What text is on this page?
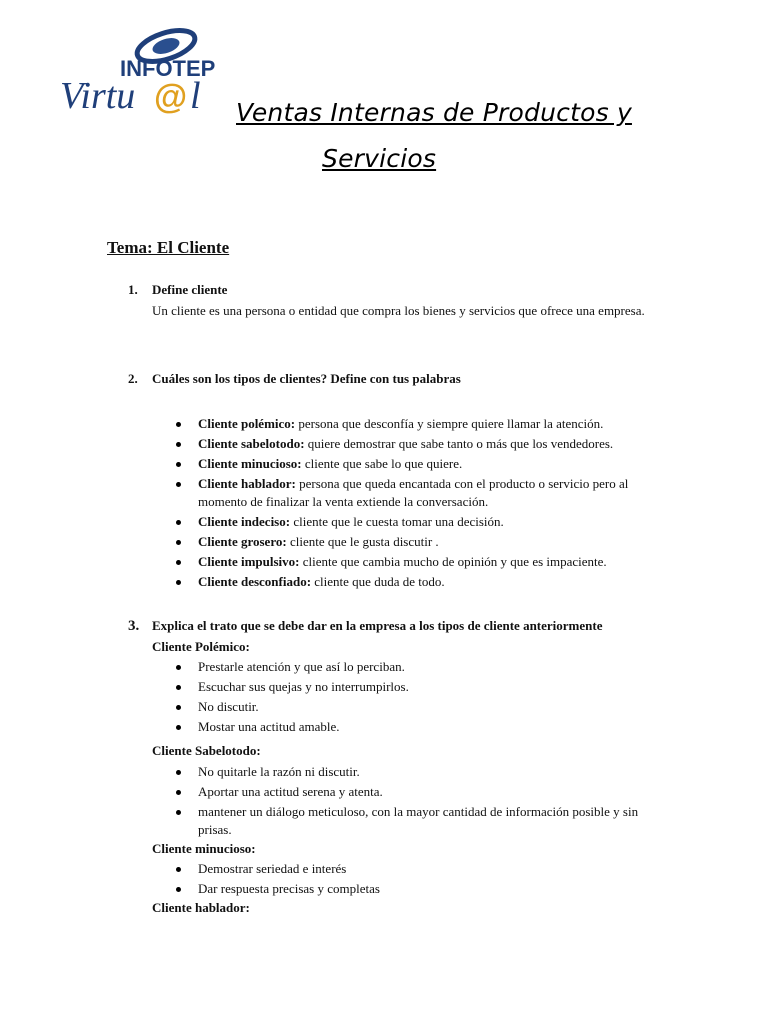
INFOTEP
Virtu @ l	Ventas Internas de Productos y
Servicios
Tema: El Cliente
1. Define cliente
Un cliente es una persona o entidad que compra los bienes y servicios que ofrece una empresa.
2. Cuáles son los tipos de clientes? Define con tus palabras
Cliente polémico: persona que desconfía y siempre quiere llamar la atención.
Cliente sabelotodo: quiere demostrar que sabe tanto o más que los vendedores.
Cliente minucioso: cliente que sabe lo que quiere.
Cliente hablador: persona que queda encantada con el producto o servicio pero al momento de finalizar la venta extiende la conversación.
Cliente indeciso: cliente que le cuesta tomar una decisión.
Cliente grosero: cliente que le gusta discutir .
Cliente impulsivo: cliente que cambia mucho de opinión y que es impaciente.
Cliente desconfiado: cliente que duda de todo.
3. Explica el trato que se debe dar en la empresa a los tipos de cliente anteriormente
Cliente Polémico:
Prestarle atención y que así lo perciban.
Escuchar sus quejas y no interrumpirlos.
No discutir.
Mostar una actitud amable.
Cliente Sabelotodo:
No quitarle la razón ni discutir.
Aportar una actitud serena y atenta.
mantener un diálogo meticuloso, con la mayor cantidad de información posible y sin prisas.
Cliente minucioso:
Demostrar seriedad e interés
Dar respuesta precisas y completas
Cliente hablador:
